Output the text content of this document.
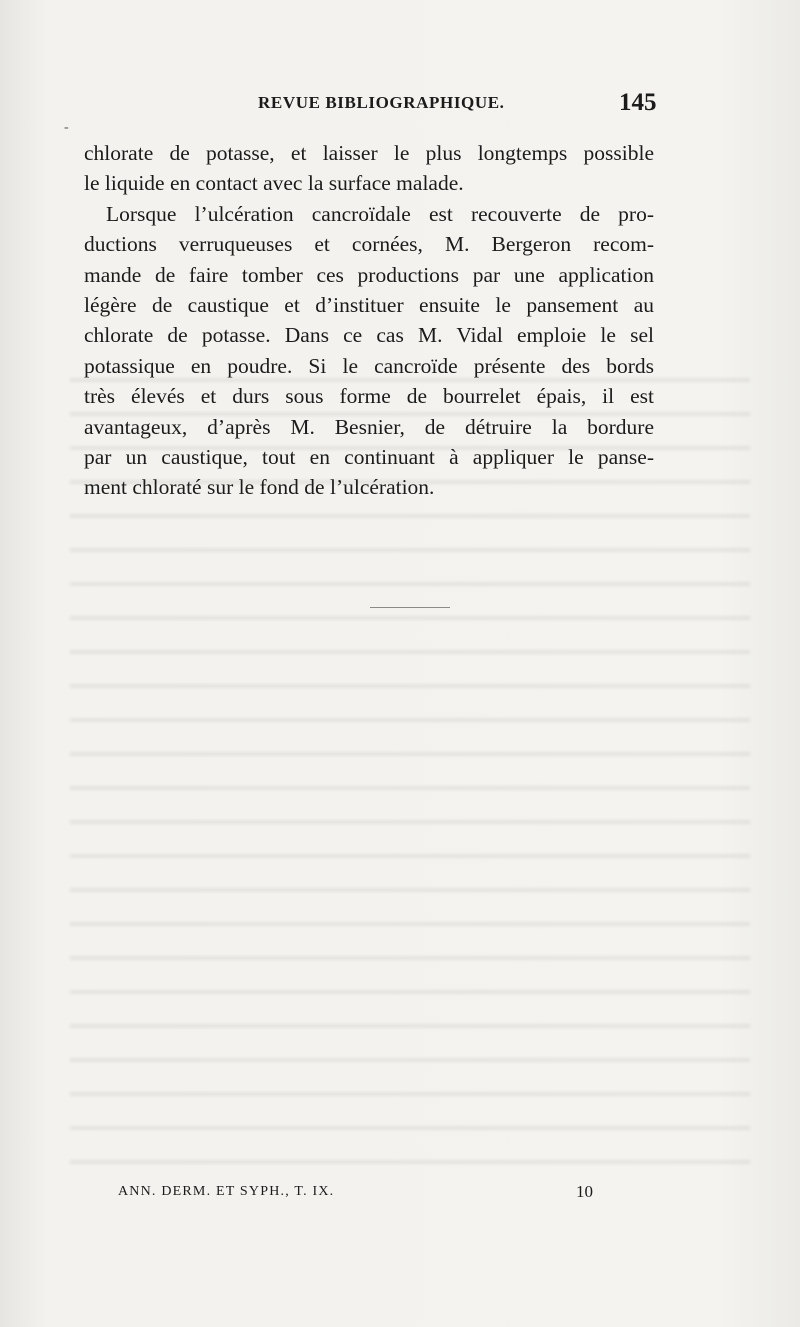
REVUE BIBLIOGRAPHIQUE.	145
-

chlorate de potasse, et laisser le plus longtemps possible
le liquide en contact avec la surface malade.

Lorsque l’ulcération cancroïdale est recouverte de pro-
ductions verruqueuses et cornées, M. Bergeron recom-
mande de faire tomber ces productions par une application
légère de caustique et d’instituer ensuite le pansement au
chlorate de potasse. Dans ce cas M. Vidal emploie le sel
potassique en poudre. Si le cancroïde présente des bords
très élevés et durs sous forme de bourrelet épais, il est
avantageux, d’après M. Besnier, de détruire la bordure
par un caustique, tout en continuant à appliquer le panse-
ment chloraté sur le fond de l’ulcération.

ANN. DERM. ET SYPH., T. IX.	10
